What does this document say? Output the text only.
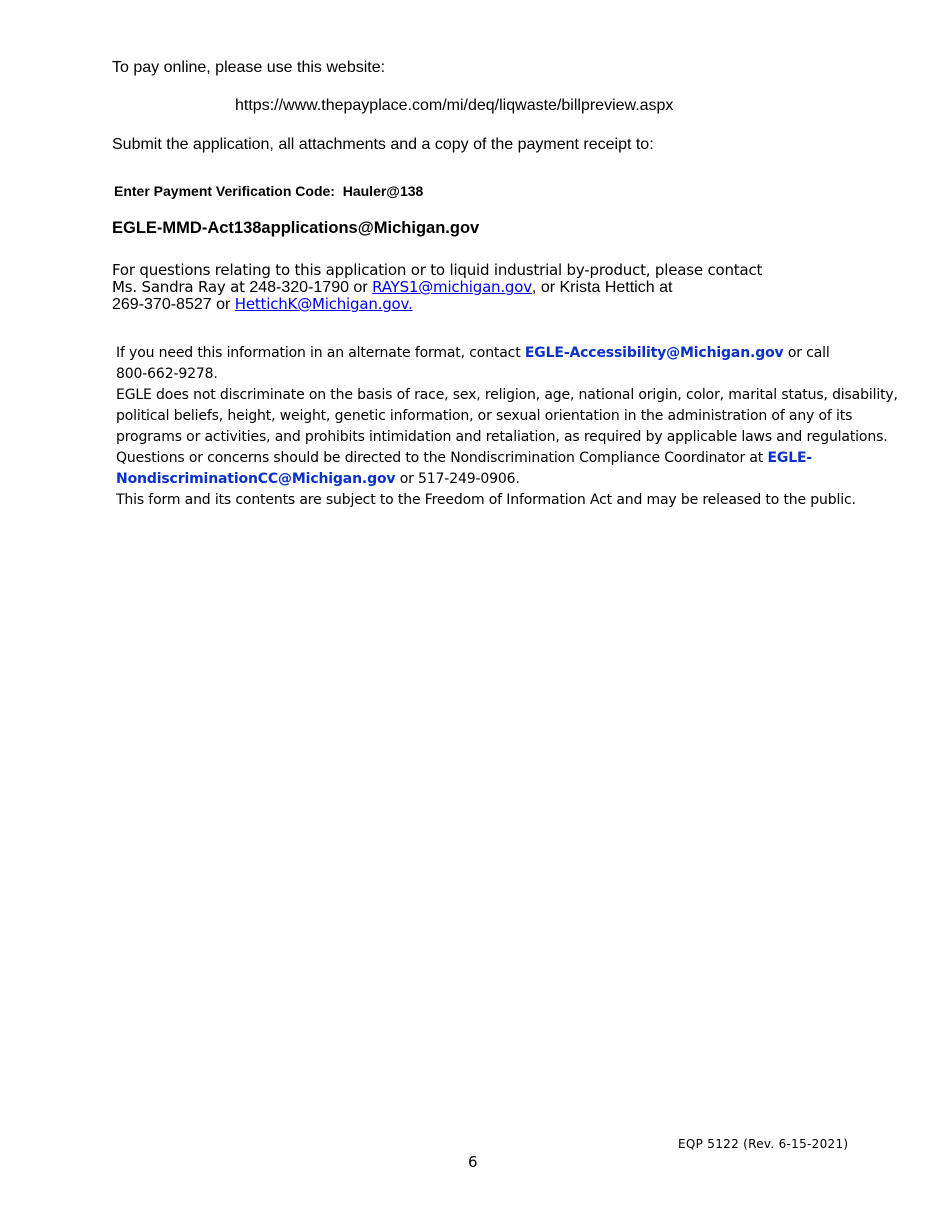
To pay online, please use this website:
https://www.thepayplace.com/mi/deq/liqwaste/billpreview.aspx
Submit the application, all attachments and a copy of the payment receipt to:
Enter Payment Verification Code: Hauler@138
EGLE-MMD-Act138applications@Michigan.gov
For questions relating to this application or to liquid industrial by-product, please contact
Ms. Sandra Ray at 248-320-1790 or RAYS1@michigan.gov, or Krista Hettich at
269-370-8527 or HettichK@Michigan.gov.

If you need this information in an alternate format, contact EGLE-Accessibility@Michigan.gov or call

800-662-9278.

EGLE does not discriminate on the basis of race, sex, religion, age, national origin, color, marital status, disability,

political beliefs, height, weight, genetic information, or sexual orientation in the administration of any of its

programs or activities, and prohibits intimidation and retaliation, as required by applicable laws and regulations.

Questions or concerns should be directed to the Nondiscrimination Compliance Coordinator at EGLE-

NondiscriminationCC@Michigan.gov or 517-249-0906.

This form and its contents are subject to the Freedom of Information Act and may be released to the public.

EQP 5122 (Rev. 6-15-2021)
6
